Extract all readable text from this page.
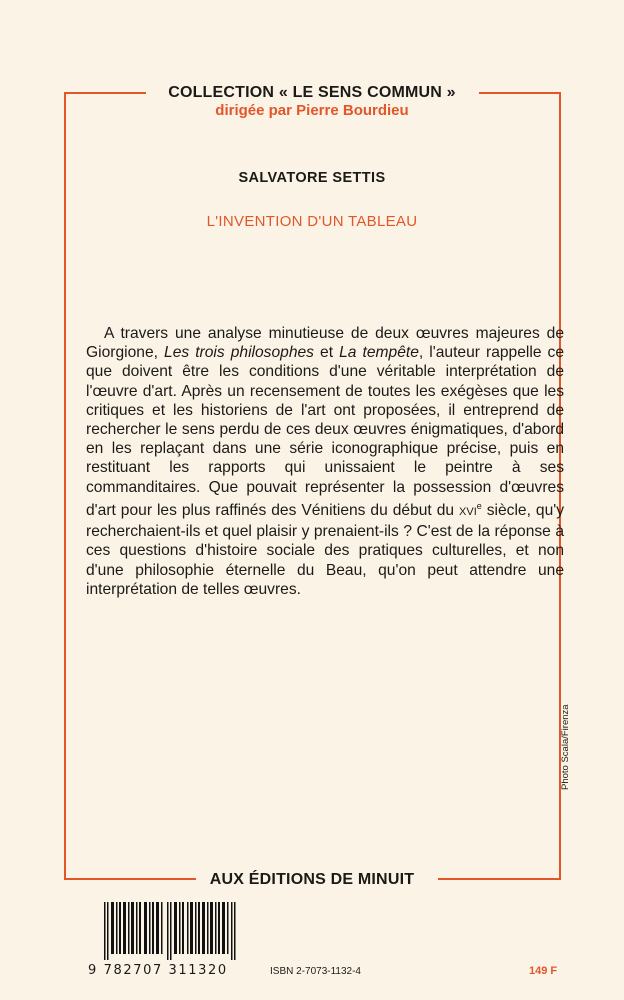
COLLECTION « LE SENS COMMUN »
dirigée par Pierre Bourdieu
SALVATORE SETTIS
L'INVENTION D'UN TABLEAU

A travers une analyse minutieuse de deux œuvres majeures de Giorgione, Les trois philosophes et La tempête, l'auteur rappelle ce que doivent être les conditions d'une véritable interprétation de l'œuvre d'art. Après un recensement de toutes les exégèses que les critiques et les historiens de l'art ont proposées, il entreprend de rechercher le sens perdu de ces deux œuvres énigmatiques, d'abord en les replaçant dans une série iconographique précise, puis en restituant les rapports qui unissaient le peintre à ses commanditaires. Que pouvait représenter la possession d'œuvres d'art pour les plus raffinés des Vénitiens du début du XVIe siècle, qu'y recherchaient-ils et quel plaisir y prenaient-ils ? C'est de la réponse à ces questions d'histoire sociale des pratiques culturelles, et non d'une philosophie éternelle du Beau, qu'on peut attendre une interprétation de telles œuvres.

AUX ÉDITIONS DE MINUIT
Photo Scala/Firenza
9 782707 311320	ISBN 2-7073-1132-4	149 F
